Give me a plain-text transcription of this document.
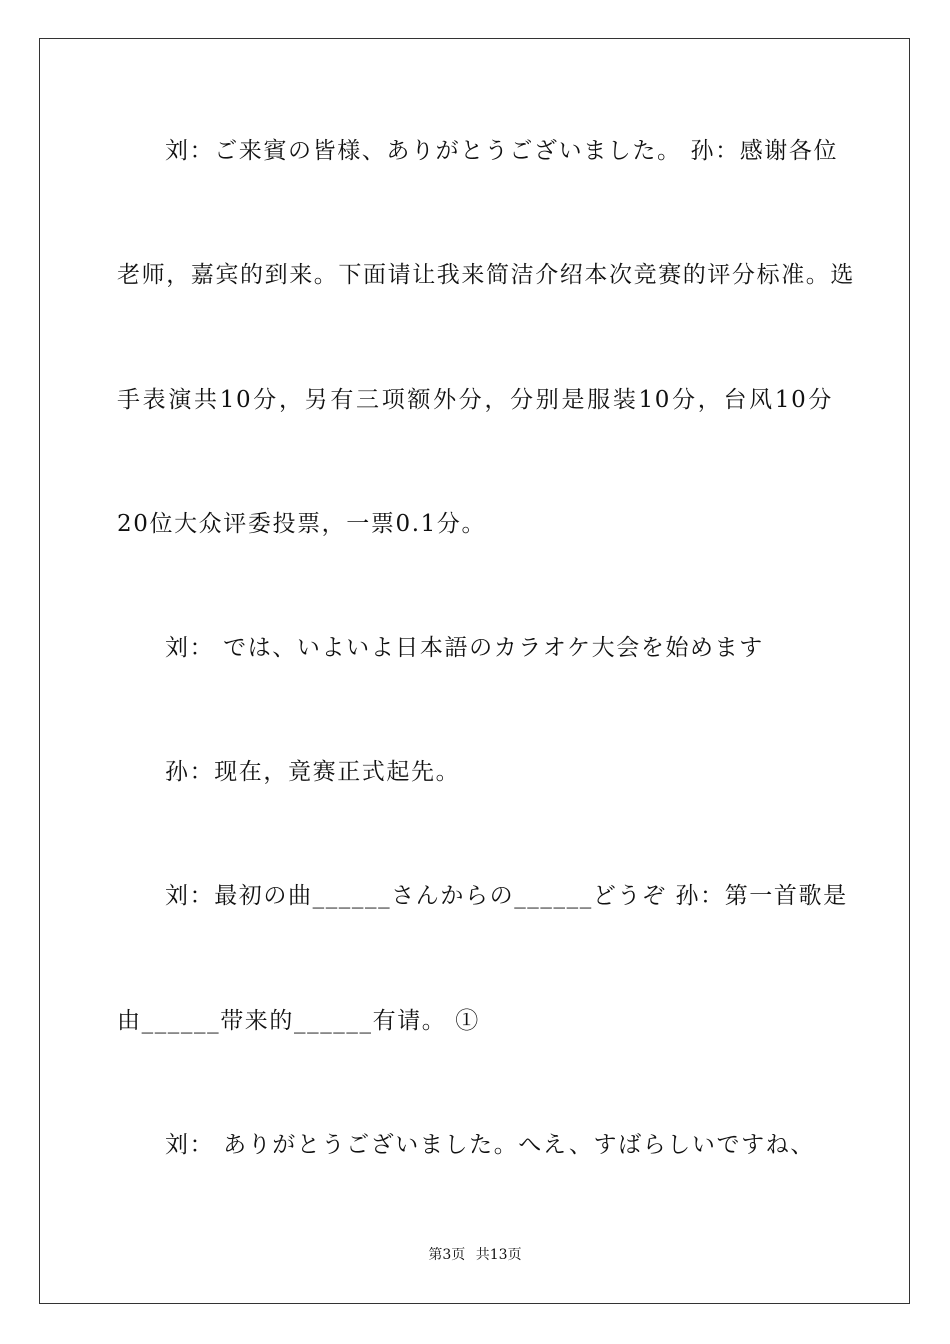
刘：ご来賓の皆様、ありがとうございました。 孙：感谢各位
老师，嘉宾的到来。下面请让我来简洁介绍本次竞赛的评分标准。选
手表演共10分，另有三项额外分，分别是服装10分，台风10分
20位大众评委投票，一票0.1分。
刘： では、いよいよ日本語のカラオケ大会を始めます
孙：现在，竟赛正式起先。
刘：最初の曲______さんからの______どうぞ 孙：第一首歌是
由______带来的______有请。 ①
刘： ありがとうございました。へえ、すばらしいですね、
第3页 共13页
